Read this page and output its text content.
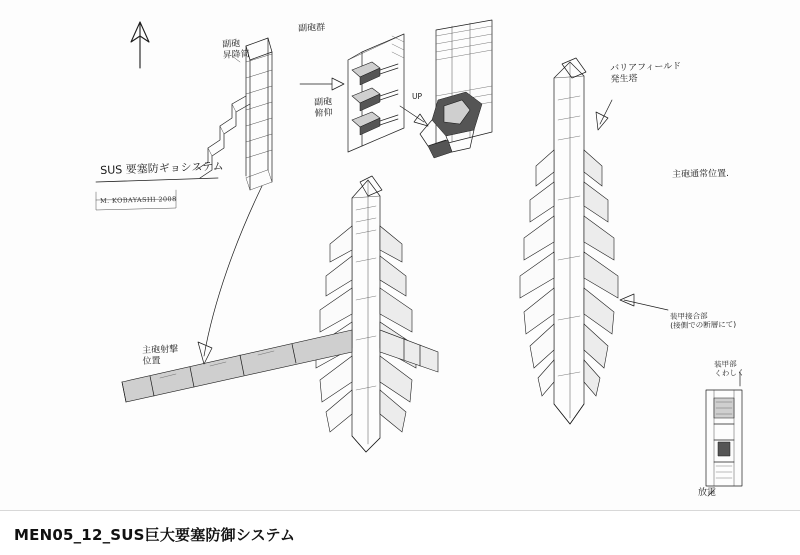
副砲
昇降筒
副砲群
副砲
俯仰
UP
SUS 要塞防ギョシステム
M. KOBAYASHI 2008
バリアフィールド
発生塔
主砲通常位置.
主砲射撃
位置
装甲接合部
(接側での断層にて)
装甲部
くわしく
放電
MEN05_12_SUS巨大要塞防御システム
